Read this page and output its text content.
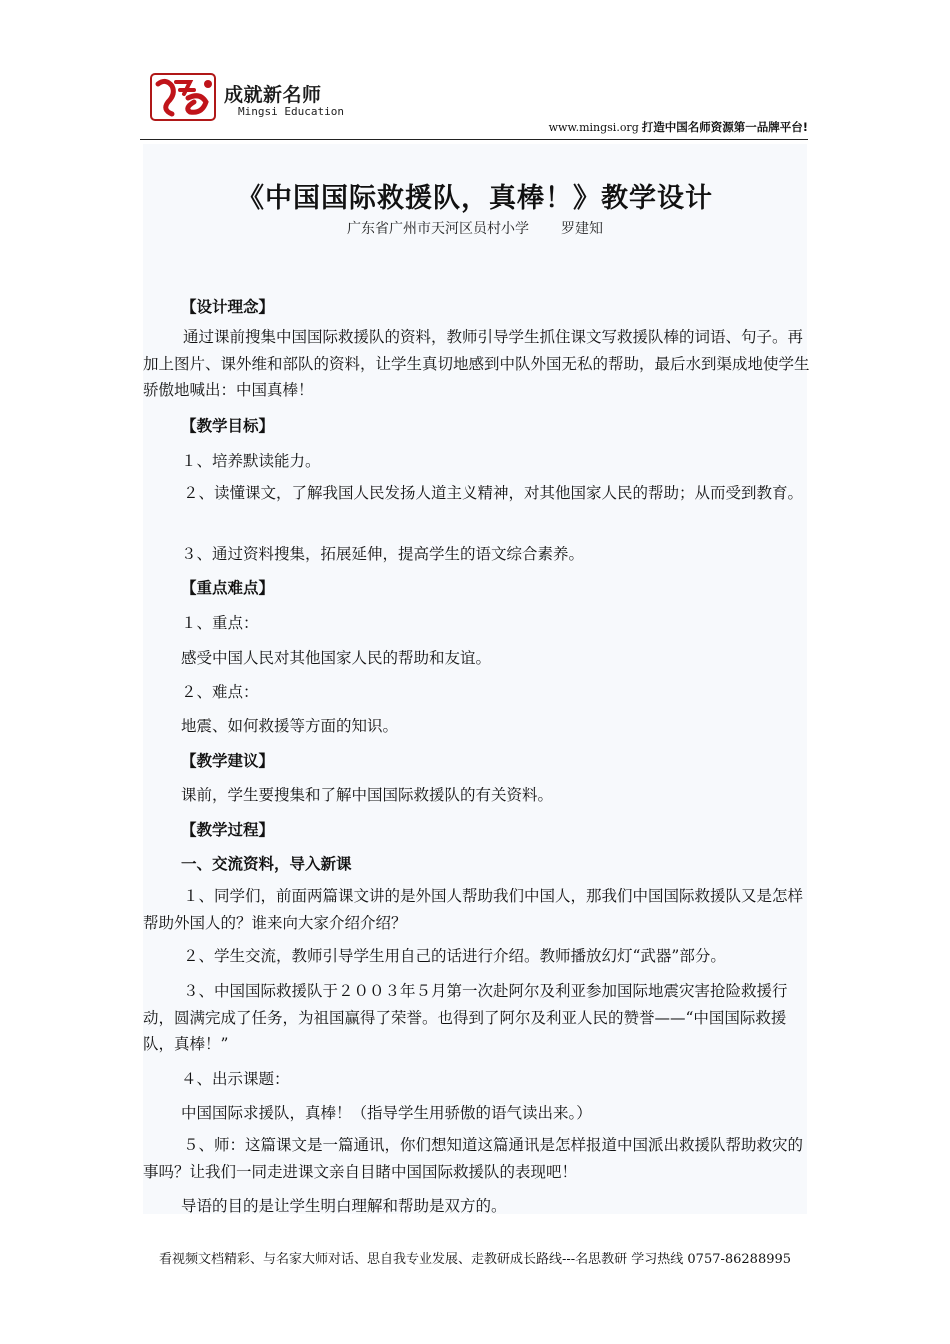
成就新名师
Mingsi Education
www.mingsi.org 打造中国名师资源第一品牌平台!
《中国国际救援队，真棒！》教学设计
广东省广州市天河区员村小学 罗建知
【设计理念】

通过课前搜集中国国际救援队的资料，教师引导学生抓住课文写救援队棒的词语、句子。再加上图片、课外维和部队的资料，让学生真切地感到中队外国无私的帮助，最后水到渠成地使学生骄傲地喊出：中国真棒！

【教学目标】
１、培养默读能力。

２、读懂课文，了解我国人民发扬人道主义精神，对其他国家人民的帮助；从而受到教育。

３、通过资料搜集，拓展延伸，提高学生的语文综合素养。
【重点难点】
１、重点：
感受中国人民对其他国家人民的帮助和友谊。
２、难点：
地震、如何救援等方面的知识。
【教学建议】
课前，学生要搜集和了解中国国际救援队的有关资料。
【教学过程】
一、交流资料，导入新课

１、同学们，前面两篇课文讲的是外国人帮助我们中国人，那我们中国国际救援队又是怎样帮助外国人的？谁来向大家介绍介绍？

２、学生交流，教师引导学生用自己的话进行介绍。教师播放幻灯“武器”部分。

３、中国国际救援队于２００３年５月第一次赴阿尔及利亚参加国际地震灾害抢险救援行动，圆满完成了任务，为祖国赢得了荣誉。也得到了阿尔及利亚人民的赞誉——“中国国际救援队，真棒！”

４、出示课题：
中国国际求援队，真棒！（指导学生用骄傲的语气读出来。）

５、师：这篇课文是一篇通讯，你们想知道这篇通讯是怎样报道中国派出救援队帮助救灾的事吗？让我们一同走进课文亲自目睹中国国际救援队的表现吧！

导语的目的是让学生明白理解和帮助是双方的。
看视频文档精彩、与名家大师对话、思自我专业发展、走教研成长路线---名思教研 学习热线 0757-86288995
